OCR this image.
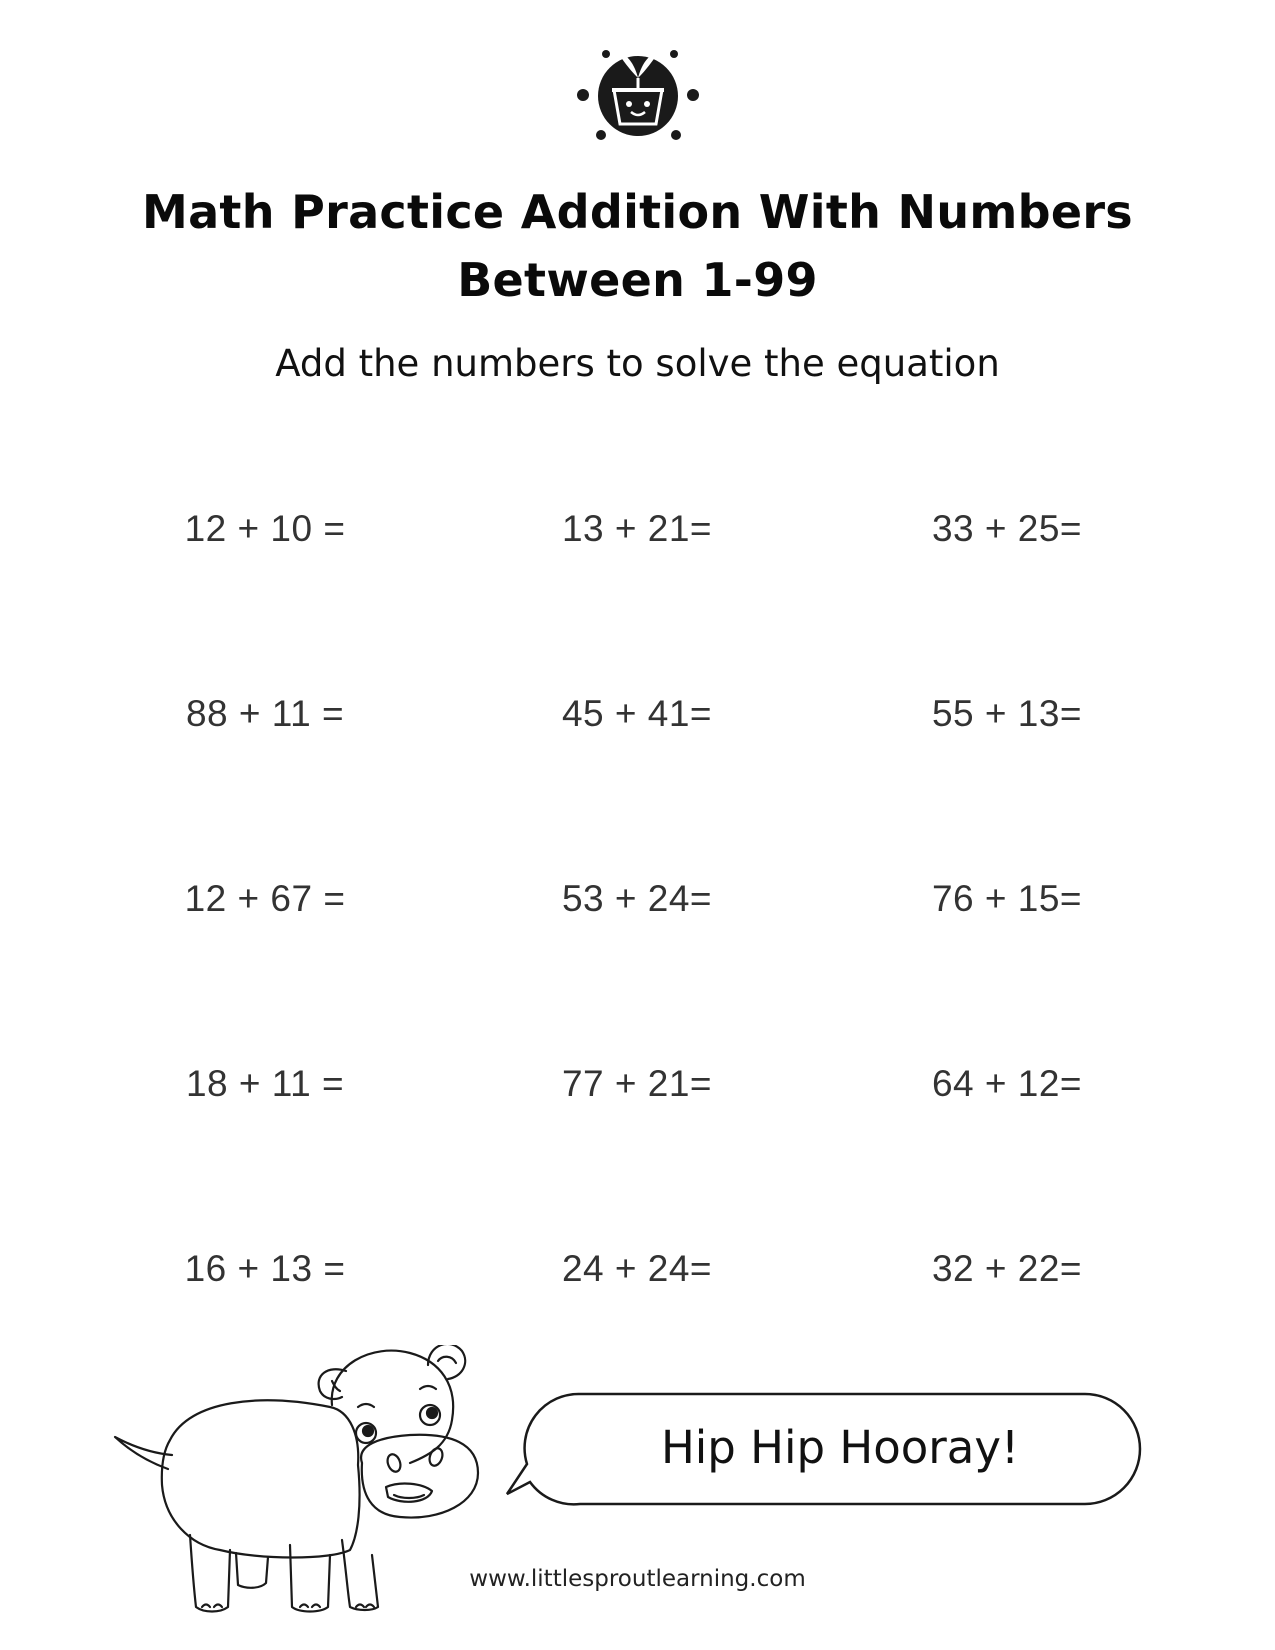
Math Practice Addition With Numbers
Between 1-99
Add the numbers to solve the equation
12 + 10 =	13 + 21=	33 + 25=
88 + 11 =	45 + 41=	55 + 13=
12 + 67 =	53 + 24=	76 + 15=
18 + 11 =	77 + 21=	64 + 12=
16 + 13 =	24 + 24=	32 + 22=
Hip Hip Hooray!
www.littlesproutlearning.com
